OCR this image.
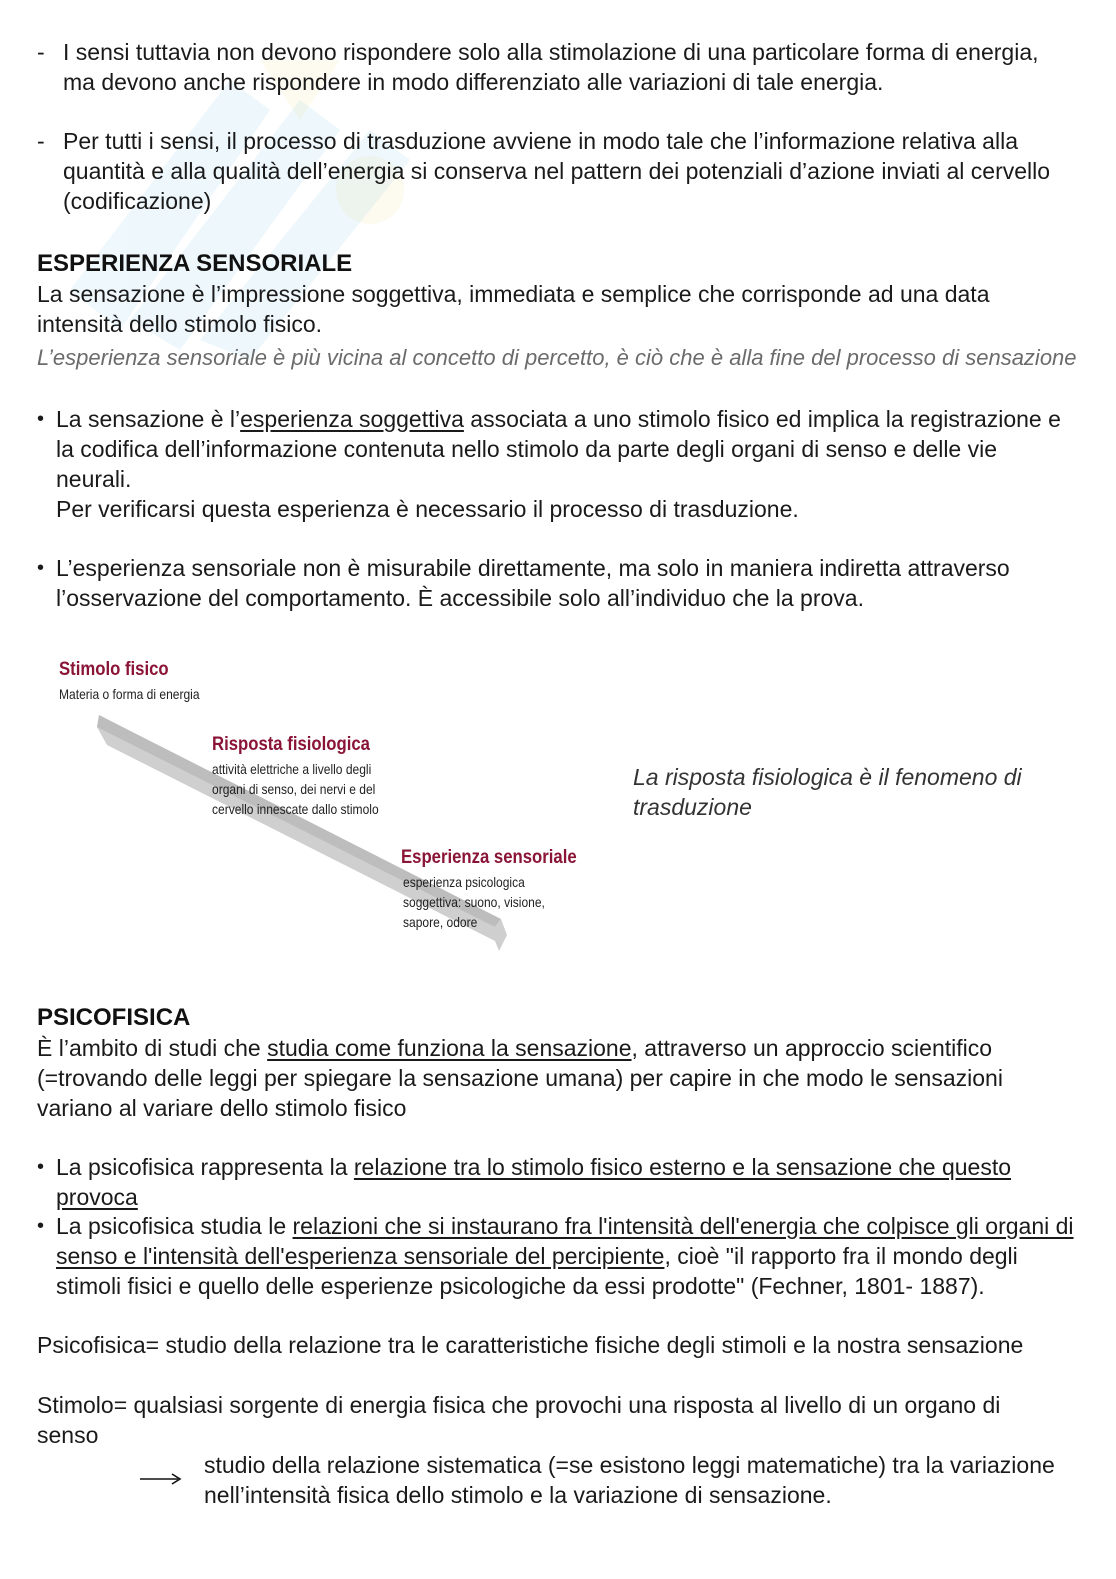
- I sensi tuttavia non devono rispondere solo alla stimolazione di una particolare forma di energia, ma devono anche rispondere in modo differenziato alle variazioni di tale energia.
- Per tutti i sensi, il processo di trasduzione avviene in modo tale che l’informazione relativa alla quantità e alla qualità dell’energia si conserva nel pattern dei potenziali d’azione inviati al cervello (codificazione)
ESPERIENZA SENSORIALE
La sensazione è l’impressione soggettiva, immediata e semplice che corrisponde ad una data intensità dello stimolo fisico.
L’esperienza sensoriale è più vicina al concetto di percetto, è ciò che è alla fine del processo di sensazione
• La sensazione è l’esperienza soggettiva associata a uno stimolo fisico ed implica la registrazione e la codifica dell’informazione contenuta nello stimolo da parte degli organi di senso e delle vie neurali.
Per verificarsi questa esperienza è necessario il processo di trasduzione.
• L’esperienza sensoriale non è misurabile direttamente, ma solo in maniera indiretta attraverso l’osservazione del comportamento. È accessibile solo all’individuo che la prova.
Stimolo fisico
Materia o forma di energia
Risposta fisiologica
attività elettriche a livello degli
organi di senso, dei nervi e del
cervello innescate dallo stimolo
Esperienza sensoriale
esperienza psicologica
soggettiva: suono, visione,
sapore, odore
La risposta fisiologica è il fenomeno di trasduzione
PSICOFISICA
È l’ambito di studi che studia come funziona la sensazione, attraverso un approccio scientifico (=trovando delle leggi per spiegare la sensazione umana) per capire in che modo le sensazioni variano al variare dello stimolo fisico
• La psicofisica rappresenta la relazione tra lo stimolo fisico esterno e la sensazione che questo provoca
• La psicofisica studia le relazioni che si instaurano fra l'intensità dell'energia che colpisce gli organi di senso e l'intensità dell'esperienza sensoriale del percipiente, cioè "il rapporto fra il mondo degli stimoli fisici e quello delle esperienze psicologiche da essi prodotte" (Fechner, 1801- 1887).
Psicofisica= studio della relazione tra le caratteristiche fisiche degli stimoli e la nostra sensazione
Stimolo= qualsiasi sorgente di energia fisica che provochi una risposta al livello di un organo di    senso
studio della relazione sistematica (=se esistono leggi matematiche) tra la variazione nell’intensità fisica dello stimolo e la variazione di sensazione.
